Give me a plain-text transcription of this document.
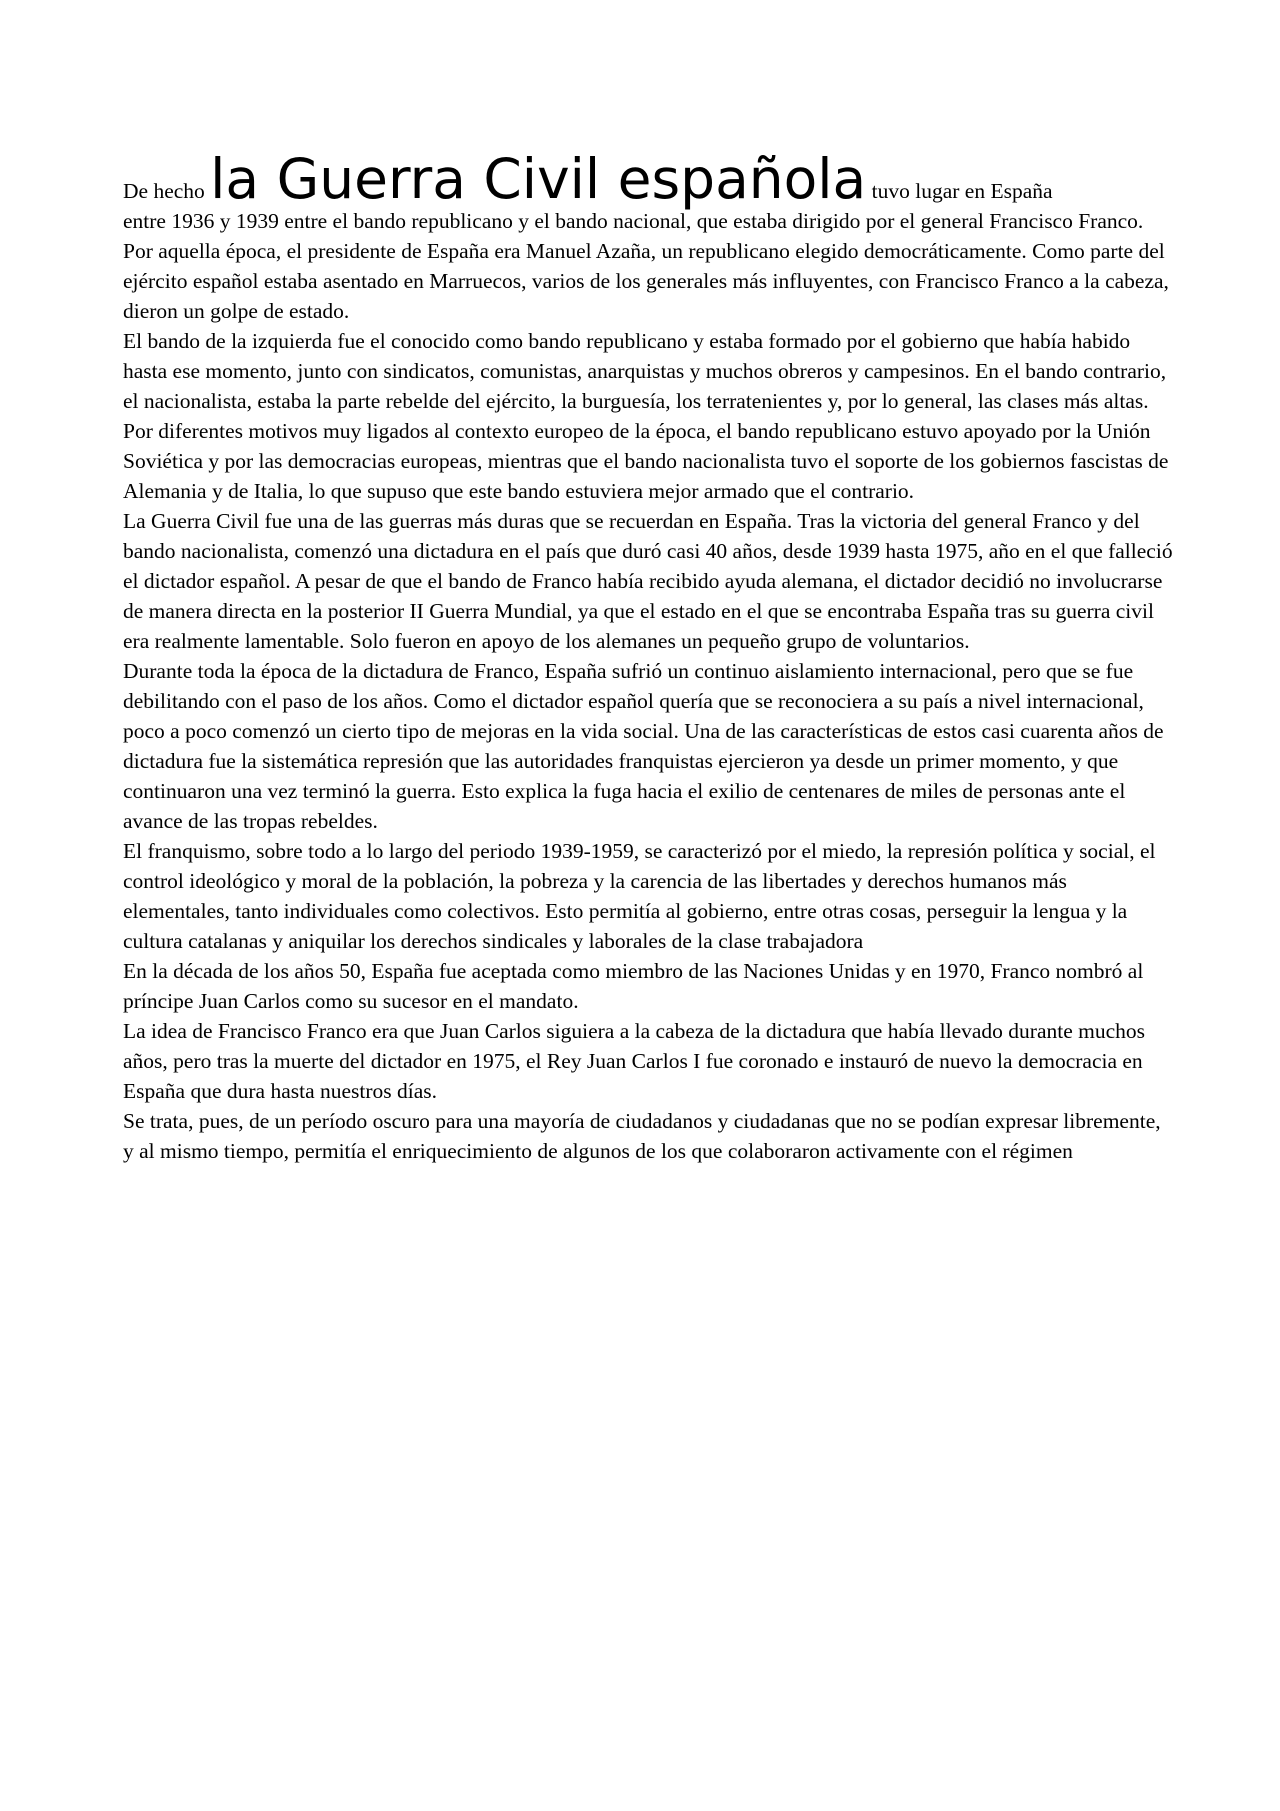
De hecho la Guerra Civil española tuvo lugar en España
entre 1936 y 1939 entre el bando republicano y el bando nacional, que estaba dirigido por el general Francisco Franco. Por aquella época, el presidente de España era Manuel Azaña, un republicano elegido democráticamente. Como parte del ejército español estaba asentado en Marruecos, varios de los generales más influyentes, con Francisco Franco a la cabeza, dieron un golpe de estado.

El bando de la izquierda fue el conocido como bando republicano y estaba formado por el gobierno que había habido hasta ese momento, junto con sindicatos, comunistas, anarquistas y muchos obreros y campesinos. En el bando contrario, el nacionalista, estaba la parte rebelde del ejército, la burguesía, los terratenientes y, por lo general, las clases más altas. Por diferentes motivos muy ligados al contexto europeo de la época, el bando republicano estuvo apoyado por la Unión Soviética y por las democracias europeas, mientras que el bando nacionalista tuvo el soporte de los gobiernos fascistas de Alemania y de Italia, lo que supuso que este bando estuviera mejor armado que el contrario.

La Guerra Civil fue una de las guerras más duras que se recuerdan en España. Tras la victoria del general Franco y del bando nacionalista, comenzó una dictadura en el país que duró casi 40 años, desde 1939 hasta 1975, año en el que falleció el dictador español. A pesar de que el bando de Franco había recibido ayuda alemana, el dictador decidió no involucrarse de manera directa en la posterior II Guerra Mundial, ya que el estado en el que se encontraba España tras su guerra civil era realmente lamentable. Solo fueron en apoyo de los alemanes un pequeño grupo de voluntarios.

Durante toda la época de la dictadura de Franco, España sufrió un continuo aislamiento internacional, pero que se fue debilitando con el paso de los años. Como el dictador español quería que se reconociera a su país a nivel internacional, poco a poco comenzó un cierto tipo de mejoras en la vida social. Una de las características de estos casi cuarenta años de dictadura fue la sistemática represión que las autoridades franquistas ejercieron ya desde un primer momento, y que continuaron una vez terminó la guerra. Esto explica la fuga hacia el exilio de centenares de miles de personas ante el avance de las tropas rebeldes.

El franquismo, sobre todo a lo largo del periodo 1939-1959, se caracterizó por el miedo, la represión política y social, el control ideológico y moral de la población, la pobreza y la carencia de las libertades y derechos humanos más elementales, tanto individuales como colectivos. Esto permitía al gobierno, entre otras cosas, perseguir la lengua y la cultura catalanas y aniquilar los derechos sindicales y laborales de la clase trabajadora

En la década de los años 50, España fue aceptada como miembro de las Naciones Unidas y en 1970, Franco nombró al príncipe Juan Carlos como su sucesor en el mandato.

La idea de Francisco Franco era que Juan Carlos siguiera a la cabeza de la dictadura que había llevado durante muchos años, pero tras la muerte del dictador en 1975, el Rey Juan Carlos I fue coronado e instauró de nuevo la democracia en España que dura hasta nuestros días.

Se trata, pues, de un período oscuro para una mayoría de ciudadanos y ciudadanas que no se podían expresar libremente, y al mismo tiempo, permitía el enriquecimiento de algunos de los que colaboraron activamente con el régimen
